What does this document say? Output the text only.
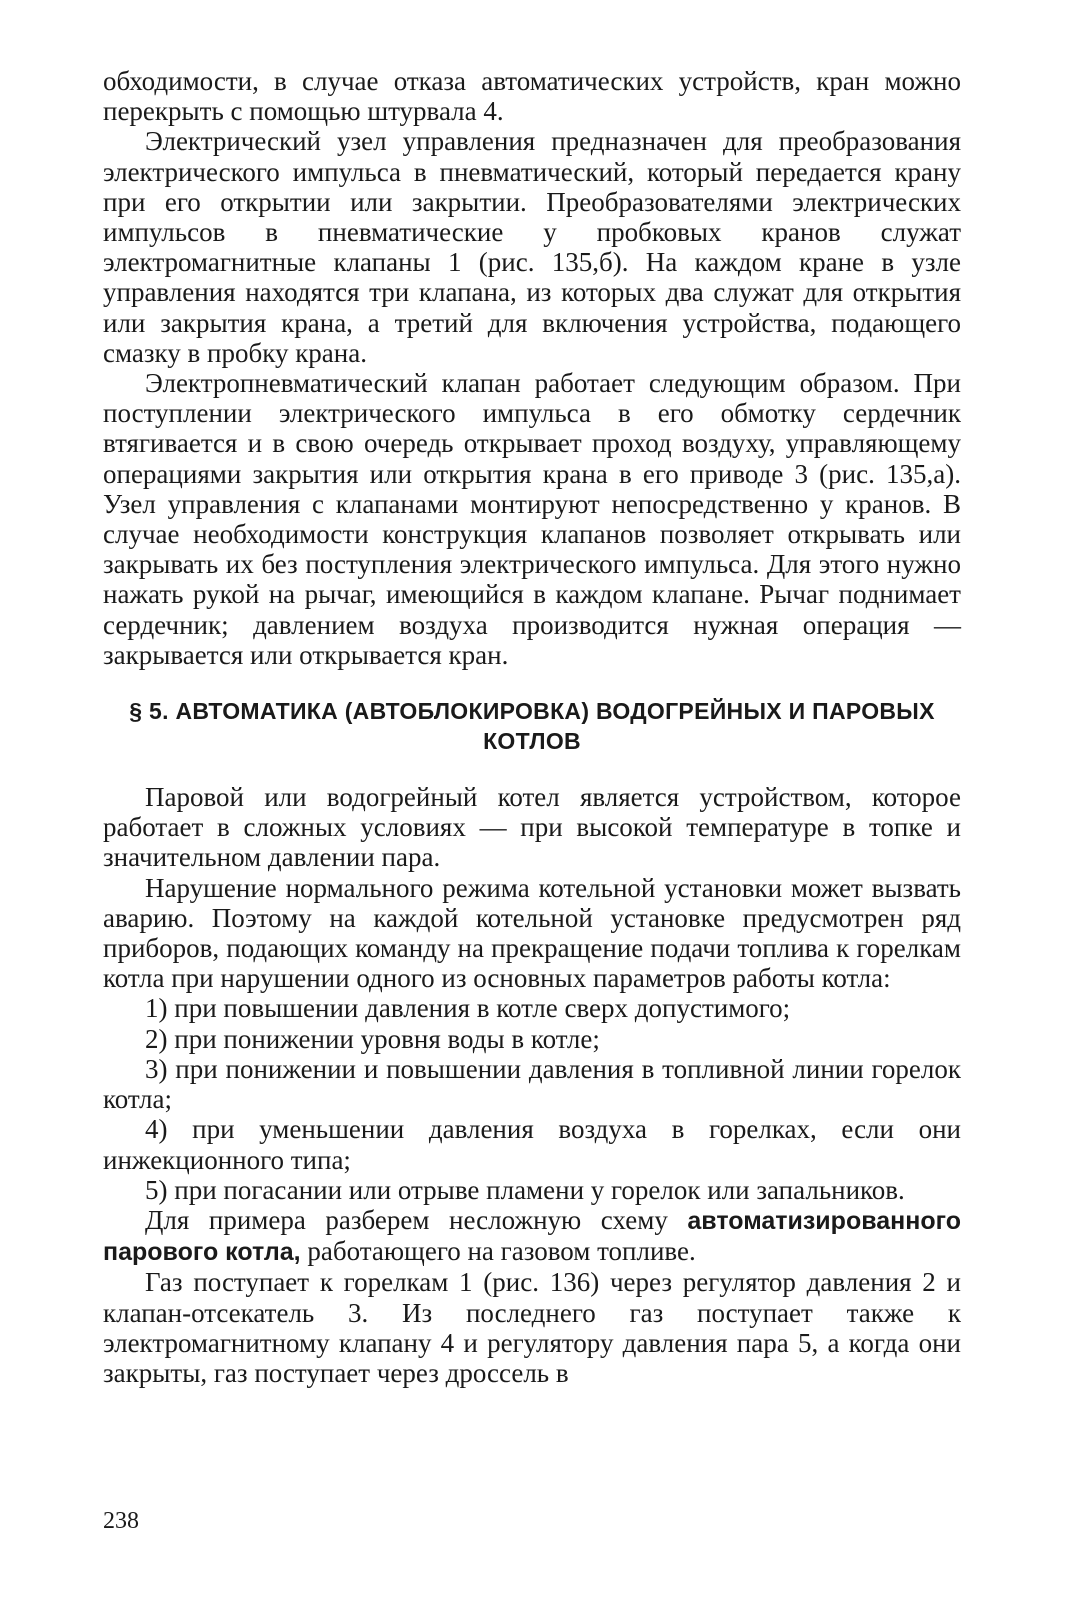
обходимости, в случае отказа автоматических устройств, кран можно перекрыть с помощью штурвала 4.

Электрический узел управления предназначен для преобразования электрического импульса в пневматический, который передается крану при его открытии или закрытии. Преобразователями электрических импульсов в пневматические у пробковых кранов служат электромагнитные клапаны 1 (рис. 135,б). На каждом кране в узле управления находятся три клапана, из которых два служат для открытия или закрытия крана, а третий для включения устройства, подающего смазку в пробку крана.

Электропневматический клапан работает следующим образом. При поступлении электрического импульса в его обмотку сердечник втягивается и в свою очередь открывает проход воздуху, управляющему операциями закрытия или открытия крана в его приводе 3 (рис. 135,а). Узел управления с клапанами монтируют непосредственно у кранов. В случае необходимости конструкция клапанов позволяет открывать или закрывать их без поступления электрического импульса. Для этого нужно нажать рукой на рычаг, имеющийся в каждом клапане. Рычаг поднимает сердечник; давлением воздуха производится нужная операция — закрывается или открывается кран.

§ 5. АВТОМАТИКА (АВТОБЛОКИРОВКА) ВОДОГРЕЙНЫХ И ПАРОВЫХ КОТЛОВ

Паровой или водогрейный котел является устройством, которое работает в сложных условиях — при высокой температуре в топке и значительном давлении пара.

Нарушение нормального режима котельной установки может вызвать аварию. Поэтому на каждой котельной установке предусмотрен ряд приборов, подающих команду на прекращение подачи топлива к горелкам котла при нарушении одного из основных параметров работы котла:

1) при повышении давления в котле сверх допустимого;

2) при понижении уровня воды в котле;

3) при понижении и повышении давления в топливной линии горелок котла;

4) при уменьшении давления воздуха в горелках, если они инжекционного типа;

5) при погасании или отрыве пламени у горелок или запальников.

Для примера разберем несложную схему автоматизированного парового котла, работающего на газовом топливе.

Газ поступает к горелкам 1 (рис. 136) через регулятор давления 2 и клапан-отсекатель 3. Из последнего газ поступает также к электромагнитному клапану 4 и регулятору давления пара 5, а когда они закрыты, газ поступает через дроссель в

238
